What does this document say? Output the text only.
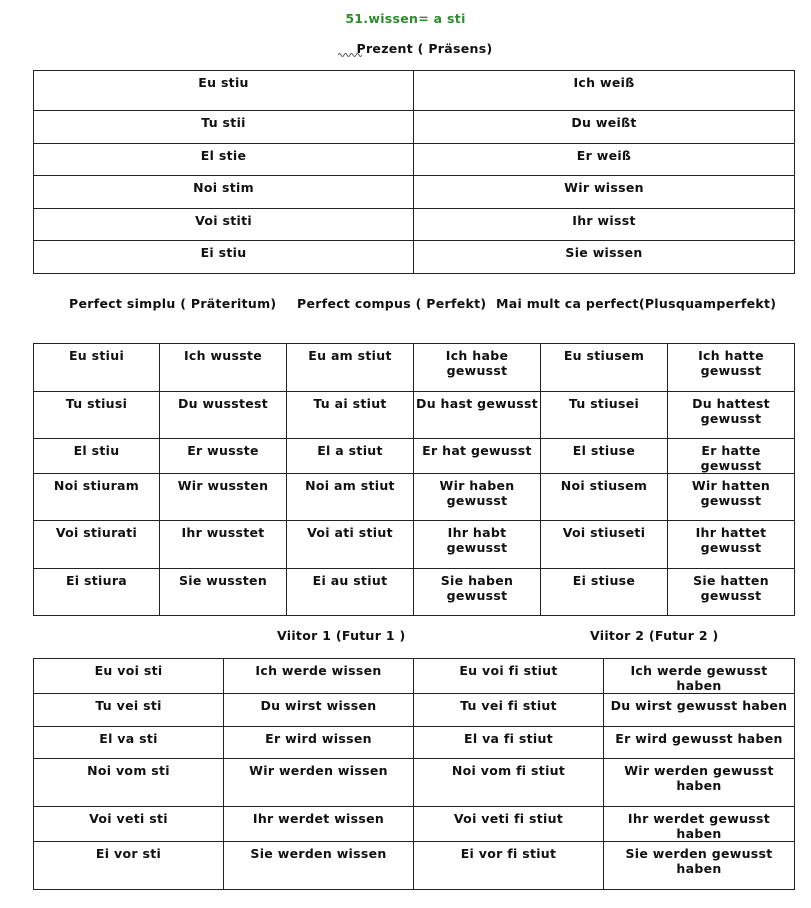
51.wissen= a sti
Prezent ( Präsens)
Eu stiu	Ich weiß
Tu stii	Du weißt
El stie	Er weiß
Noi stim	Wir wissen
Voi stiti	Ihr wisst
Ei stiu	Sie wissen
Perfect simplu ( Präteritum) Perfect compus ( Perfekt) Mai mult ca perfect(Plusquamperfekt)
Eu stiui	Ich wusste	Eu am stiut	Ich habe gewusst	Eu stiusem	Ich hatte gewusst
Tu stiusi	Du wusstest	Tu ai stiut	Du hast gewusst	Tu stiusei	Du hattest gewusst
El stiu	Er wusste	El a stiut	Er hat gewusst	El stiuse	Er hatte gewusst
Noi stiuram	Wir wussten	Noi am stiut	Wir haben gewusst	Noi stiusem	Wir hatten gewusst
Voi stiurati	Ihr wusstet	Voi ati stiut	Ihr habt gewusst	Voi stiuseti	Ihr hattet gewusst
Ei stiura	Sie wussten	Ei au stiut	Sie haben gewusst	Ei stiuse	Sie hatten gewusst
Viitor 1 (Futur 1 )	Viitor 2 (Futur 2 )
Eu voi sti	Ich werde wissen	Eu voi fi stiut	Ich werde gewusst haben
Tu vei sti	Du wirst wissen	Tu vei fi stiut	Du wirst gewusst haben
El va sti	Er wird wissen	El va fi stiut	Er wird gewusst haben
Noi vom sti	Wir werden wissen	Noi vom fi stiut	Wir werden gewusst haben
Voi veti sti	Ihr werdet wissen	Voi veti fi stiut	Ihr werdet gewusst haben
Ei vor sti	Sie werden wissen	Ei vor fi stiut	Sie werden gewusst haben
